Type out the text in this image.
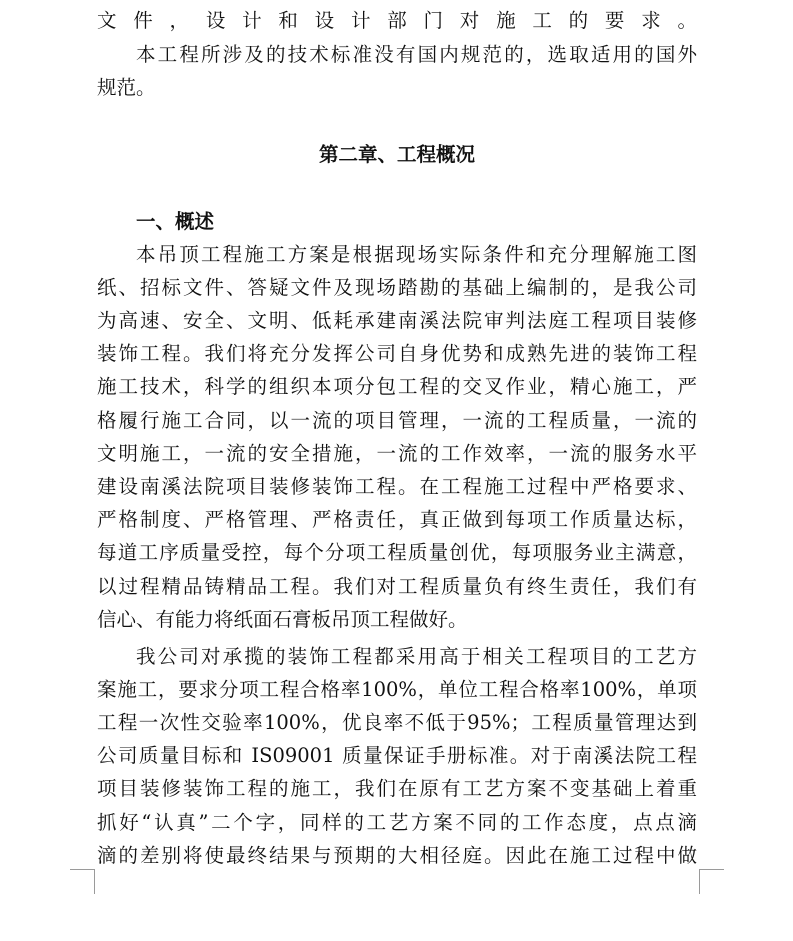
文件，设计和设计部门对施工的要求。
本工程所涉及的技术标准没有国内规范的，选取适用的国外
规范。
第二章、工程概况
一、概述
本吊顶工程施工方案是根据现场实际条件和充分理解施工图
纸、招标文件、答疑文件及现场踏勘的基础上编制的，是我公司
为高速、安全、文明、低耗承建南溪法院审判法庭工程项目装修
装饰工程。我们将充分发挥公司自身优势和成熟先进的装饰工程
施工技术，科学的组织本项分包工程的交叉作业，精心施工，严
格履行施工合同，以一流的项目管理，一流的工程质量，一流的
文明施工，一流的安全措施，一流的工作效率，一流的服务水平
建设南溪法院项目装修装饰工程。在工程施工过程中严格要求、
严格制度、严格管理、严格责任，真正做到每项工作质量达标，
每道工序质量受控，每个分项工程质量创优，每项服务业主满意，
以过程精品铸精品工程。我们对工程质量负有终生责任，我们有
信心、有能力将纸面石膏板吊顶工程做好。
我公司对承揽的装饰工程都采用高于相关工程项目的工艺方
案施工，要求分项工程合格率100%，单位工程合格率100%，单项
工程一次性交验率100%，优良率不低于95%；工程质量管理达到
公司质量目标和 IS09001 质量保证手册标准。对于南溪法院工程
项目装修装饰工程的施工，我们在原有工艺方案不变基础上着重
抓好“认真”二个字，同样的工艺方案不同的工作态度，点点滴
滴的差别将使最终结果与预期的大相径庭。因此在施工过程中做
